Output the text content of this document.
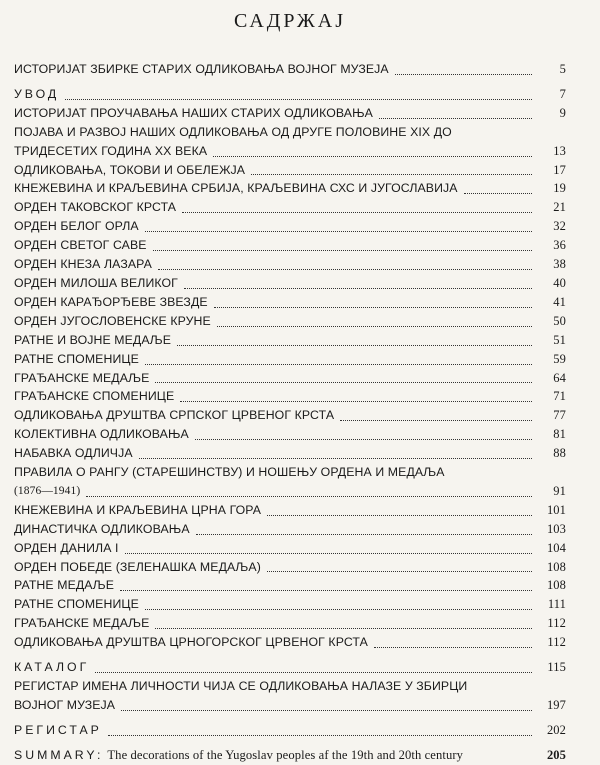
САДРЖАЈ
ИСТОРИЈАТ ЗБИРКЕ СТАРИХ ОДЛИКОВАЊА ВОЈНОГ МУЗЕЈА	5
УВОД	7
ИСТОРИЈАТ ПРОУЧАВАЊА НАШИХ СТАРИХ ОДЛИКОВАЊА	9
ПОЈАВА И РАЗВОЈ НАШИХ ОДЛИКОВАЊА ОД ДРУГЕ ПОЛОВИНЕ XIX ДО
ТРИДЕСЕТИХ ГОДИНА XX ВЕКА	13
ОДЛИКОВАЊА, ТОКОВИ И ОБЕЛЕЖЈА	17
КНЕЖЕВИНА И КРАЉЕВИНА СРБИЈА, КРАЉЕВИНА СХС И ЈУГОСЛАВИЈА	19
ОРДЕН ТАКОВСКОГ КРСТА	21
ОРДЕН БЕЛОГ ОРЛА	32
ОРДЕН СВЕТОГ САВЕ	36
ОРДЕН КНЕЗА ЛАЗАРА	38
ОРДЕН МИЛОША ВЕЛИКОГ	40
ОРДЕН КАРАЂОРЂЕВЕ ЗВЕЗДЕ	41
ОРДЕН ЈУГОСЛОВЕНСКЕ КРУНЕ	50
РАТНЕ И ВОЈНЕ МЕДАЉЕ	51
РАТНЕ СПОМЕНИЦЕ	59
ГРАЂАНСКЕ МЕДАЉЕ	64
ГРАЂАНСКЕ СПОМЕНИЦЕ	71
ОДЛИКОВАЊА ДРУШТВА СРПСКОГ ЦРВЕНОГ КРСТА	77
КОЛЕКТИВНА ОДЛИКОВАЊА	81
НАБАВКА ОДЛИЧЈА	88
ПРАВИЛА О РАНГУ (СТАРЕШИНСТВУ) И НОШЕЊУ ОРДЕНА И МЕДАЉА
(1876—1941)	91
КНЕЖЕВИНА И КРАЉЕВИНА ЦРНА ГОРА	101
ДИНАСТИЧКА ОДЛИКОВАЊА	103
ОРДЕН ДАНИЛА I	104
ОРДЕН ПОБЕДЕ (ЗЕЛЕНАШКА МЕДАЉА)	108
РАТНЕ МЕДАЉЕ	108
РАТНЕ СПОМЕНИЦЕ	111
ГРАЂАНСКЕ МЕДАЉЕ	112
ОДЛИКОВАЊА ДРУШТВА ЦРНОГОРСКОГ ЦРВЕНОГ КРСТА	112
КАТАЛОГ	115
РЕГИСТАР ИМЕНА ЛИЧНОСТИ ЧИЈА СЕ ОДЛИКОВАЊА НАЛАЗЕ У ЗБИРЦИ
ВОЈНОГ МУЗЕЈА	197
РЕГИСТАР	202
SUMMARY: The decorations of the Yugoslav peoples af the 19th and 20th century	205
